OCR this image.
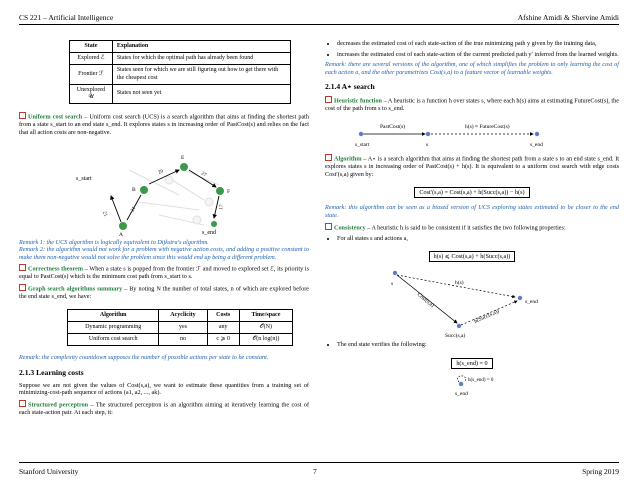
CS 221 – Artificial Intelligence	Afshine Amidi & Shervine Amidi
State	Explanation
Explored ℰ	States for which the optimal path has already been found
Frontier ℱ	States seen for which we are still figuring out how to get there with the cheapest cost
Unexplored 𝒰	States not seen yet

Uniform cost search – Uniform cost search (UCS) is a search algorithm that aims at finding the shortest path from a state s_start to an end state s_end. It explores states s in increasing order of PastCost(s) and relies on the fact that all action costs are non-negative.

A
B
E
F
21
21
20	27
17
s_start
s_end

Remark 1: the UCS algorithm is logically equivalent to Dijkstra's algorithm.

Remark 2: the algorithm would not work for a problem with negative action costs, and adding a positive constant to make them non-negative would not solve the problem since this would end up being a different problem.

Correctness theorem – When a state s is popped from the frontier ℱ and moved to explored set ℰ, its priority is equal to PastCost(s) which is the minimum cost path from s_start to s.

Graph search algorithms summary – By noting N the number of total states, n of which are explored before the end state s_end, we have:

Algorithm	Acyclicity	Costs	Time/space
Dynamic programming	yes	any	𝒪(N)
Uniform cost search	no	c ⩾ 0	𝒪(n log(n))

Remark: the complexity countdown supposes the number of possible actions per state to be constant.

2.1.3 Learning costs

Suppose we are not given the values of Cost(s,a), we want to estimate these quantities from a training set of minimizing-cost-path sequence of actions (a1, a2, ..., ak).

Structured perceptron – The structured perceptron is an algorithm aiming at iteratively learning the cost of each state-action pair. At each step, it:

• decreases the estimated cost of each state-action of the true minimizing path y given by the training data,
• increases the estimated cost of each state-action of the current predicted path y′ inferred from the learned weights.

Remark: there are several versions of the algorithm, one of which simplifies the problem to only learning the cost of each action a, and the other parametrizes Cost(s,a) to a feature vector of learnable weights.

2.1.4 A⋆ search

Heuristic function – A heuristic is a function h over states s, where each h(s) aims at estimating FutureCost(s), the cost of the path from s to s_end.

PastCost(s)	h(s) ≈ FutureCost(s)
s_start	s	s_end

Algorithm – A⋆ is a search algorithm that aims at finding the shortest path from a state s to an end state s_end. It explores states s in increasing order of PastCost(s) + h(s). It is equivalent to a uniform cost search with edge costs Cost′(s,a) given by:

Cost′(s,a) = Cost(s,a) + h(Succ(s,a)) − h(s)

Remark: this algorithm can be seen as a biased version of UCS exploring states estimated to be closer to the end state.

Consistency – A heuristic h is said to be consistent if it satisfies the two following properties:

• For all states s and actions a,
h(s) ⩽ Cost(s,a) + h(Succ(s,a))
s	h(s)
Cost(s,a)
h(Succ(s,a))
s_end
Succ(s,a)
• The end state verifies the following:
h(s_end) = 0
h(s_end) = 0
s_end
Stanford University	7	Spring 2019
